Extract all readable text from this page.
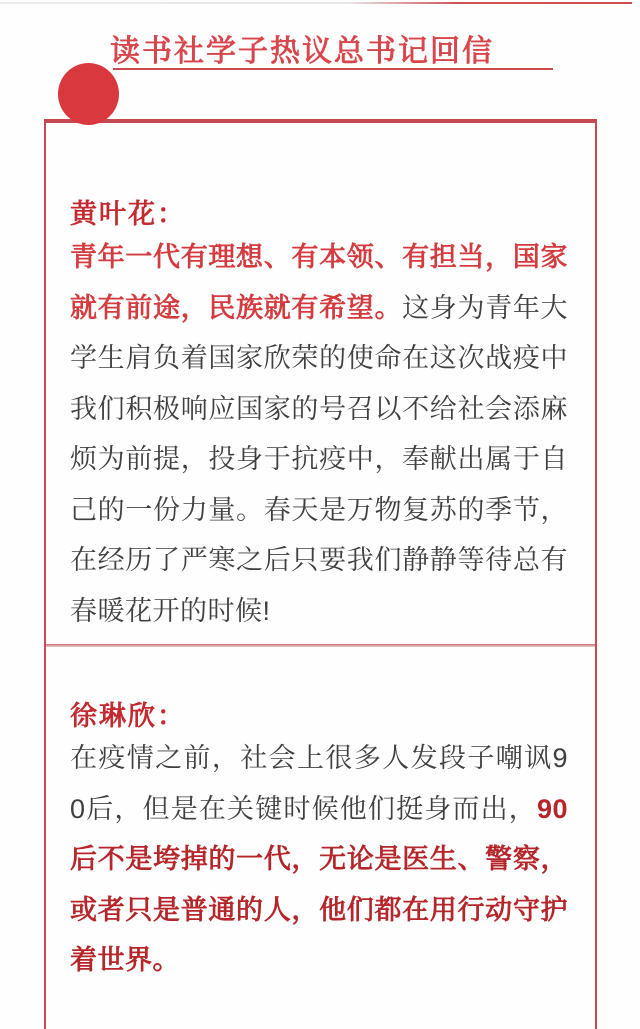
读书社学子热议总书记回信
黄叶花：

青年一代有理想、有本领、有担当，国家就有前途，民族就有希望。这身为青年大学生肩负着国家欣荣的使命在这次战疫中我们积极响应国家的号召以不给社会添麻烦为前提，投身于抗疫中，奉献出属于自己的一份力量。春天是万物复苏的季节，在经历了严寒之后只要我们静静等待总有春暖花开的时候!

徐琳欣：

在疫情之前，社会上很多人发段子嘲讽90后，但是在关键时候他们挺身而出，90后不是垮掉的一代，无论是医生、警察，或者只是普通的人，他们都在用行动守护着世界。
